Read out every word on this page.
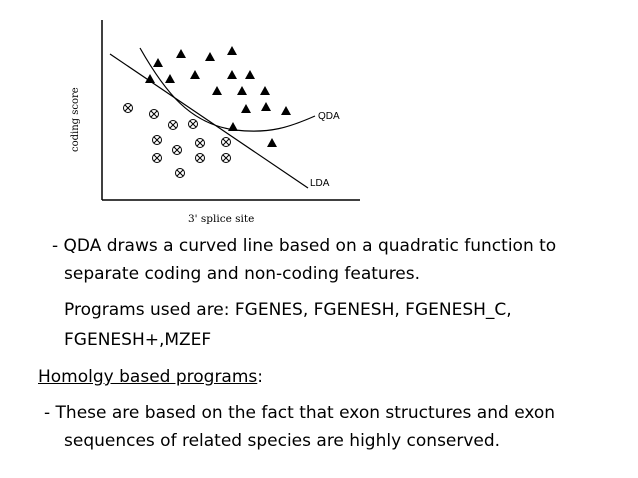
QDA
LDA
3' splice site
coding score
- QDA draws a curved line based on a quadratic function to
separate coding and non-coding features.
Programs used are: FGENES, FGENESH, FGENESH_C,
FGENESH+,MZEF
Homolgy based programs:
- These are based on the fact that exon structures and exon
sequences of related species are highly conserved.
